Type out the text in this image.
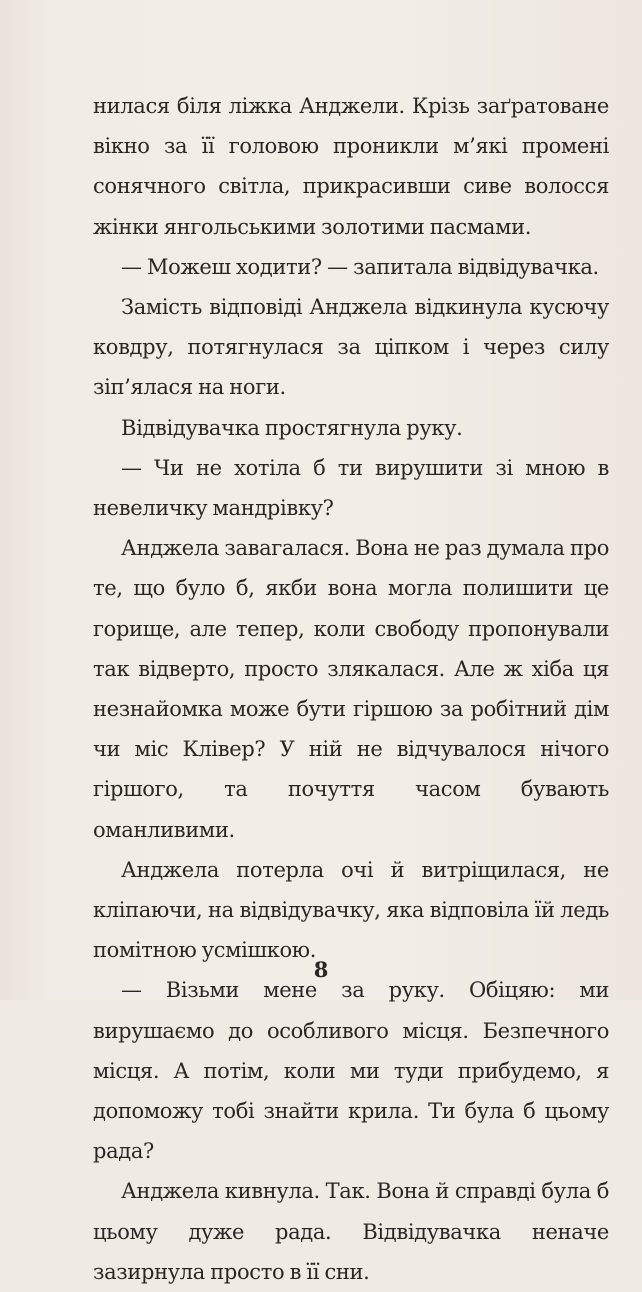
нилася біля ліжка Анджели. Крізь заґратоване вікно за її головою проникли м’які промені сонячного світла, прикрасивши сиве волосся жінки янгольськими золотими пасмами.

— Можеш ходити? — запитала відвідувачка.

Замість відповіді Анджела відкинула кусючу ковдру, потягнулася за ціпком і через силу зіп’ялася на ноги.

Відвідувачка простягнула руку.

— Чи не хотіла б ти вирушити зі мною в невеличку мандрівку?

Анджела завагалася. Вона не раз думала про те, що було б, якби вона могла полишити це горище, але тепер, коли свободу пропонували так відверто, просто злякалася. Але ж хіба ця незнайомка може бути гіршою за робітний дім чи міс Клівер? У ній не відчувалося нічого гіршого, та почуття часом бувають оманливими.

Анджела потерла очі й витріщилася, не кліпаючи, на відвідувачку, яка відповіла їй ледь помітною усмішкою.

— Візьми мене за руку. Обіцяю: ми вирушаємо до особливого місця. Безпечного місця. А потім, коли ми туди прибудемо, я допоможу тобі знайти крила. Ти була б цьому рада?

Анджела кивнула. Так. Вона й справді була б цьому дуже рада. Відвідувачка неначе зазирнула просто в її сни.

8
